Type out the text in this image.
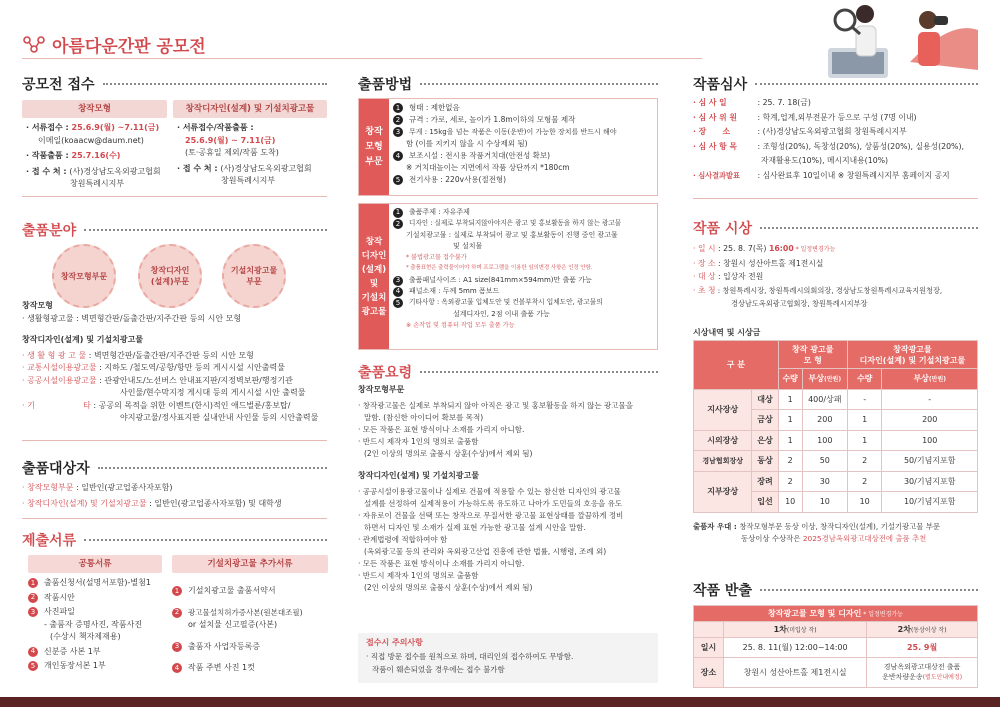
아름다운간판 공모전
공모전 접수
창작모형
· 서류접수 : 25.6.9(월) ~7.11(금)
이메일(koaacw@daum.net)
· 작품출품 : 25.7.16(수)
· 접 수 처 : (사)경상남도옥외광고협회
창원특례시지부
창작디자인(설계) 및 기설치광고물
· 서류접수/작품출품 :
25.6.9(월) ~ 7.11(금)
(토·공휴일 제외/작품 도착)
· 접 수 처 : (사)경상남도옥외광고협회
창원특례시지부
출품분야
창작모형부문
창작디자인
(설계)부문
기설치광고물
부문
창작모형
· 생활형광고물 : 벽면형간판/돌출간판/지주간판 등의 시안 모형
창작디자인(설계) 및 기설치광고물
· 생 활 형 광 고 물 : 벽면형간판/돌출간판/지주간판 등의 시안 모형
· 교통시설이용광고물 : 지하도 /철도역/공항/항만 등의 게시시설 시안출력물
· 공공시설이용광고물 : 관광안내도/노선버스 안내표지판/지정벽보판/행정기관
사인물/현수막지정 게시대 등의 게시시설 시안 출력물
· 기                   타 : 공공의 목적을 위한 이벤트(한시)적인 애드벌룬/홍보탑/
야지광고물/정사표지판 실내안내 사인물 등의 시안출력물
출품대상자
· 창작모형부문 : 일반인(광고업종사자포함)
· 창작디자인(설계) 및 기설치광고물 : 일반인(광고업종사자포함) 및 대학생
제출서류
공통서류
1	출품신청서(설명서포함)-별첨1
2	작품시안
3	사진파일
- 출품자 증명사진, 작품사진
(수상시 책자제재용)
4	신분증 사본 1부
5	개인동장서본 1부
기설치광고물 추가서류
1	기설치광고물 출품서약서
2	광고물설치허가증사본(원본대조필)
or 설치물 신고필증(사본)
3	출품자 사업자등록증
4	작품 주변 사진 1컷
출품방법
창작
모형
부문
1	형태 : 제한없음
2	규격 : 가로, 세로, 높이가 1.8m이하의 모형물 제작
3	무게 : 15kg을 넘는 작품은 이동(운반)이 가능한 장치를 반드시 해야
함 (이를 지키지 않을 시 수상제외 됨)
4	보조시설 : 전시용 작품거치대(안전성 확보)
※ 거치대높이는 지면에서 작품 상단까지 *180cm
5	전기사용 : 220v사용(절전형)
창작
디자인
(설계)
및
기설치
광고물
1	출품주제 : 자유주제
2	디자인 : 실제로 부착되지않아야지은 광고 및 홍보활동을 하지 않는 광고물
기설치광고물 : 실제로 부착되어 광고 및 홍보활동이 진행 중인 광고물
및 설치물
* 불법광고물 접수불가
* 출품표현은 출력물이어야 하며 프로그램을 이용한 임의변경 사항은 인정 안함.
3	출품패널사이즈 : A1 size(841mm×594mm)만 출품 가능
4	패널소재 : 두께 5mm 폼보드
5	기타사항 : 옥외광고물 입체도안 및 컨볼부착시 입체도안, 광고물의
설계디자인, 2점 이내 출품 가능
※ 손작업 및 컴퓨터 작업 모두 출품 가능
출품요령
창작모형부문
· 창작광고물은 실제로 부착되지 않아 아직은 광고 및 홍보활동을 하지 않는 광고물을
말함. (참신한 아이디어 확보를 목적)
· 모든 작품은 표현 방식이나 소재를 가리지 아니함.
· 반드시 제작자 1인의 명의로 출품함
(2인 이상의 명의로 출품시 상훈(수상)에서 제외 됨)
창작디자인(설계) 및 기설치광고물
· 공공시설이용광고물이나 실제로 건물에 적용할 수 있는 참신한 디자인의 광고물
설계를 선정하여 실제적용이 가능하도록 유도하고 나아가 도민들의 호응을 유도
· 자유로이 건물을 선택 또는 창작으로 무질서한 광고물 표현상태를 깔끔하게 정비
하면서 디자인 및 소재가 실제 표현 가능한 광고물 설계 시안을 말함.
· 관계법령에 적합하여야 함
(옥외광고물 등의 관리와 옥외광고산업 진흥에 관한 법률, 시행령, 조례 외)
· 모든 작품은 표현 방식이나 소재를 가리지 아니함.
· 반드시 제작자 1인의 명의로 출품함
(2인 이상의 명의로 출품시 상훈(수상)에서 제외 됨)
접수시 주의사항
· 직접 방문 접수를 원칙으로 하며, 대리인의 접수하여도 무방함.
작품이 훼손되었을 경우에는 접수 불가함
작품심사
· 심 사 일	: 25. 7. 18(금)
· 심 사 위 원 : 학계,업계,외부전문가 등으로 구성 (7명 이내)
· 장      소	: (사)경상남도옥외광고협회 창원특례시지부
· 심 사 항 목 : 조형성(20%), 독창성(20%), 상품성(20%), 실용성(20%),
자재활용도(10%), 메시지내용(10%)
· 심사결과발표 : 심사완료후 10일이내 ※ 창원특례시지부 홈페이지 공지
작품 시상
· 일 시 : 25. 8. 7(목) 16:00 * 일정변경가능
· 장 소 : 창원시 성산아트홀 제1전시실
· 대 상 : 입상자 전원
· 초 청 : 창원특례시장, 창원특례시의회의장, 경상남도창원특례시교육지원청장,
경상남도옥외광고협회장, 창원특례시지부장
시상내역 및 시상금
구 분		창작 광고물
모 형		창작광고물
디자인(설계) 및 기설치광고물	
		수량	부상(만원)	수량	부상(만원)
지사장상	대상	1	400/상패	-	-
	금상	1	200	1	200
시의장상	은상	1	100	1	100
경남협회장상	동상	2	50	2	50/기념지포함
지부장상	장려	2	30	2	30/기념지포함
	입선	10	10	10	10/기념지포함
출품자 우대 : 창작모형부문 동상 이상, 창작디자인(설계), 기설기광고물 부문
동상이상 수상작은 2025경남옥외광고대상전에 출품 추천
작품 반출
창작광고물 모형 및 디자인 * 일정변경가능		
	1차(미입상 작)	2차(동상이상 작)
일시	25. 8. 11(월) 12:00~14:00	25. 9월
장소	창원시 성산아트홀 제1전시실	경남옥외광고대상전 출품
운반차량운송(별도안내예정)
